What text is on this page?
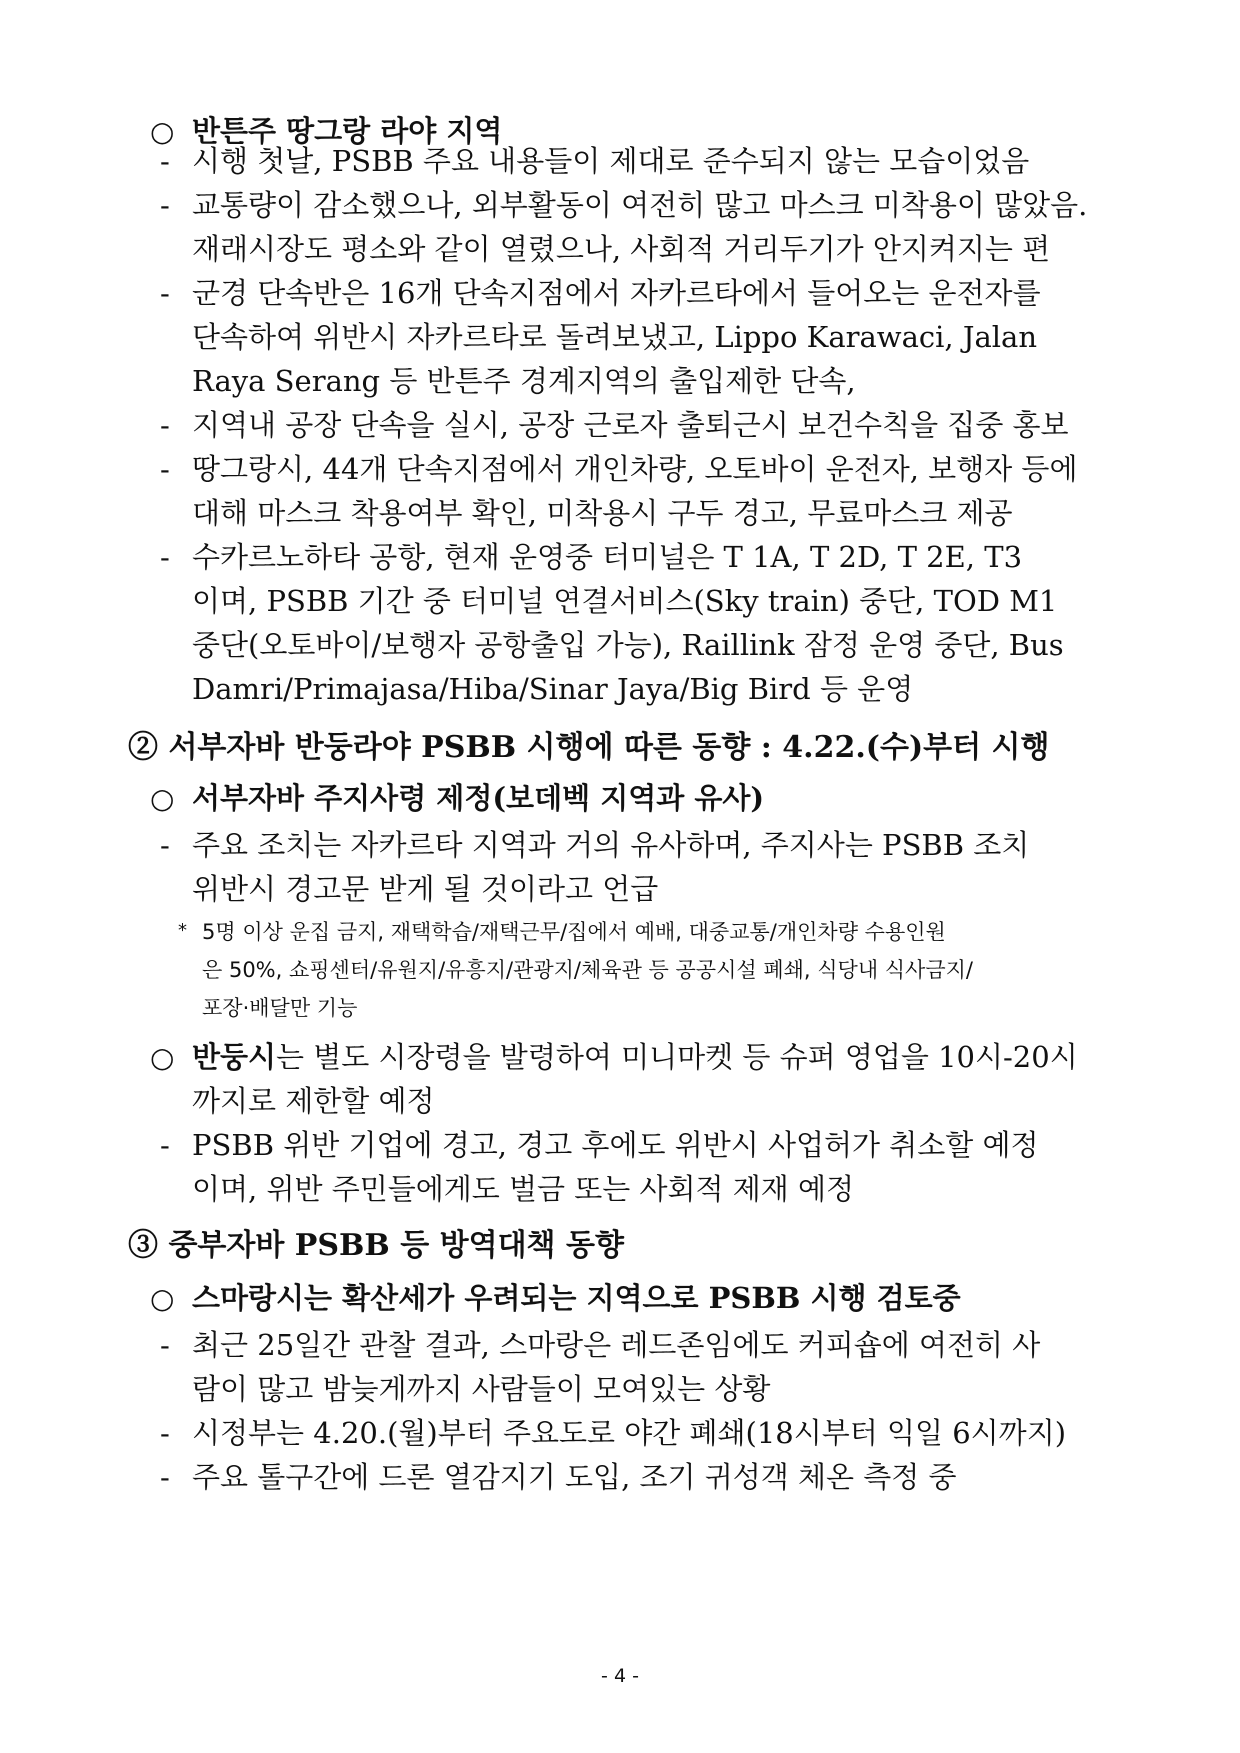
○ 반튼주 땅그랑 라야 지역
- 시행 첫날, PSBB 주요 내용들이 제대로 준수되지 않는 모습이었음
- 교통량이 감소했으나, 외부활동이 여전히 많고 마스크 미착용이 많았음.
재래시장도 평소와 같이 열렸으나, 사회적 거리두기가 안지켜지는 편
- 군경 단속반은 16개 단속지점에서 자카르타에서 들어오는 운전자를
단속하여 위반시 자카르타로 돌려보냈고, Lippo Karawaci, Jalan
Raya Serang 등 반튼주 경계지역의 출입제한 단속,
- 지역내 공장 단속을 실시, 공장 근로자 출퇴근시 보건수칙을 집중 홍보
- 땅그랑시, 44개 단속지점에서 개인차량, 오토바이 운전자, 보행자 등에
대해 마스크 착용여부 확인, 미착용시 구두 경고, 무료마스크 제공
- 수카르노하타 공항, 현재 운영중 터미널은 T 1A, T 2D, T 2E, T3
이며, PSBB 기간 중 터미널 연결서비스(Sky train) 중단, TOD M1
중단(오토바이/보행자 공항출입 가능), Raillink 잠정 운영 중단, Bus
Damri/Primajasa/Hiba/Sinar Jaya/Big Bird 등 운영
② 서부자바 반둥라야 PSBB 시행에 따른 동향 : 4.22.(수)부터 시행
○ 서부자바 주지사령 제정(보데벡 지역과 유사)
- 주요 조치는 자카르타 지역과 거의 유사하며, 주지사는 PSBB 조치
위반시 경고문 받게 될 것이라고 언급
* 5명 이상 운집 금지, 재택학습/재택근무/집에서 예배, 대중교통/개인차량 수용인원
은 50%, 쇼핑센터/유원지/유흥지/관광지/체육관 등 공공시설 폐쇄, 식당내 식사금지/
포장·배달만 기능
○ 반둥시는 별도 시장령을 발령하여 미니마켓 등 슈퍼 영업을 10시-20시
까지로 제한할 예정
- PSBB 위반 기업에 경고, 경고 후에도 위반시 사업허가 취소할 예정
이며, 위반 주민들에게도 벌금 또는 사회적 제재 예정
③ 중부자바 PSBB 등 방역대책 동향
○ 스마랑시는 확산세가 우려되는 지역으로 PSBB 시행 검토중
- 최근 25일간 관찰 결과, 스마랑은 레드존임에도 커피숍에 여전히 사
람이 많고 밤늦게까지 사람들이 모여있는 상황
- 시정부는 4.20.(월)부터 주요도로 야간 폐쇄(18시부터 익일 6시까지)
- 주요 톨구간에 드론 열감지기 도입, 조기 귀성객 체온 측정 중
- 4 -
